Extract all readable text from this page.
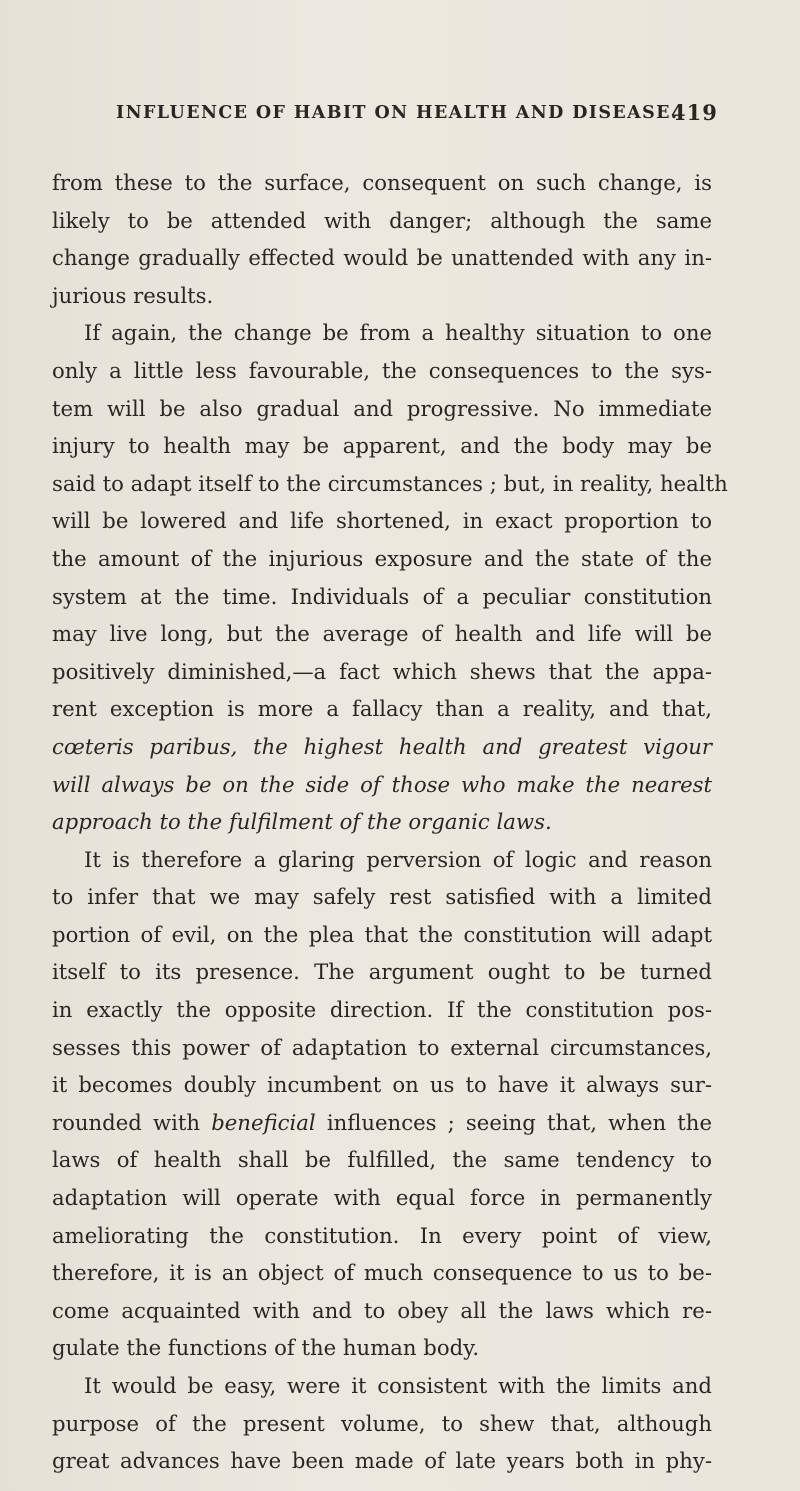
INFLUENCE OF HABIT ON HEALTH AND DISEASE.
419
from these to the surface, consequent on such change, is
likely to be attended with danger; although the same
change gradually effected would be unattended with any in-
jurious results.
If again, the change be from a healthy situation to one
only a little less favourable, the consequences to the sys-
tem will be also gradual and progressive. No immediate
injury to health may be apparent, and the body may be
said to adapt itself to the circumstances ; but, in reality, health
will be lowered and life shortened, in exact proportion to
the amount of the injurious exposure and the state of the
system at the time. Individuals of a peculiar constitution
may live long, but the average of health and life will be
positively diminished,—a fact which shews that the appa-
rent exception is more a fallacy than a reality, and that,
cœteris paribus, the highest health and greatest vigour
will always be on the side of those who make the nearest
approach to the fulfilment of the organic laws.
It is therefore a glaring perversion of logic and reason
to infer that we may safely rest satisfied with a limited
portion of evil, on the plea that the constitution will adapt
itself to its presence. The argument ought to be turned
in exactly the opposite direction. If the constitution pos-
sesses this power of adaptation to external circumstances,
it becomes doubly incumbent on us to have it always sur-
rounded with beneficial influences ; seeing that, when the
laws of health shall be fulfilled, the same tendency to
adaptation will operate with equal force in permanently
ameliorating the constitution. In every point of view,
therefore, it is an object of much consequence to us to be-
come acquainted with and to obey all the laws which re-
gulate the functions of the human body.
It would be easy, were it consistent with the limits and
purpose of the present volume, to shew that, although
great advances have been made of late years both in phy-
